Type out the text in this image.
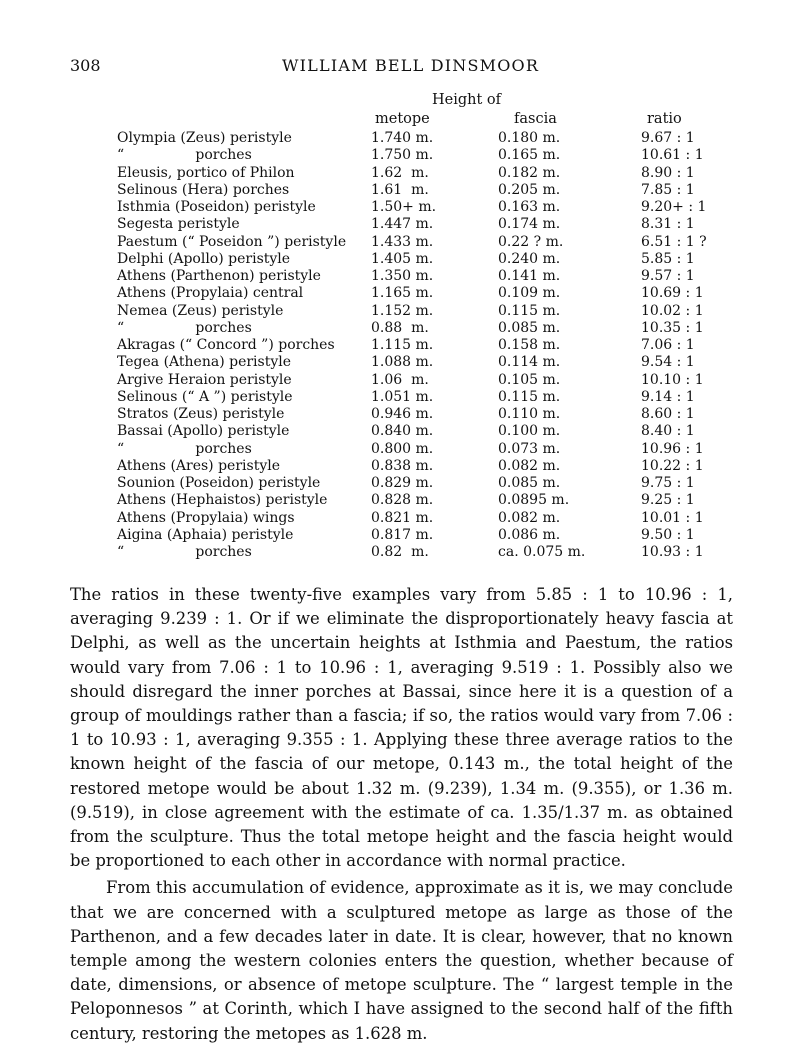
308	WILLIAM BELL DINSMOOR
Height of
metope	fascia	ratio
Olympia (Zeus) peristyle	1.740 m.	0.180 m.	9.67 : 1
“                porches	1.750 m.	0.165 m.	10.61 : 1
Eleusis, portico of Philon	1.62  m.	0.182 m.	8.90 : 1
Selinous (Hera) porches	1.61  m.	0.205 m.	7.85 : 1
Isthmia (Poseidon) peristyle	1.50+ m.	0.163 m.	9.20+ : 1
Segesta peristyle	1.447 m.	0.174 m.	8.31 : 1
Paestum (“ Poseidon ”) peristyle 1.433 m.	0.22 ? m.	6.51 : 1 ?
Delphi (Apollo) peristyle	1.405 m.	0.240 m.	5.85 : 1
Athens (Parthenon) peristyle	1.350 m.	0.141 m.	9.57 : 1
Athens (Propylaia) central	1.165 m.	0.109 m.	10.69 : 1
Nemea (Zeus) peristyle	1.152 m.	0.115 m.	10.02 : 1
“                porches	0.88  m.	0.085 m.	10.35 : 1
Akragas (“ Concord ”) porches	1.115 m.	0.158 m.	7.06 : 1
Tegea (Athena) peristyle	1.088 m.	0.114 m.	9.54 : 1
Argive Heraion peristyle	1.06  m.	0.105 m.	10.10 : 1
Selinous (“ A ”) peristyle	1.051 m.	0.115 m.	9.14 : 1
Stratos (Zeus) peristyle	0.946 m.	0.110 m.	8.60 : 1
Bassai (Apollo) peristyle	0.840 m.	0.100 m.	8.40 : 1
“                porches	0.800 m.	0.073 m.	10.96 : 1
Athens (Ares) peristyle	0.838 m.	0.082 m.	10.22 : 1
Sounion (Poseidon) peristyle	0.829 m.	0.085 m.	9.75 : 1
Athens (Hephaistos) peristyle	0.828 m.	0.0895 m.	9.25 : 1
Athens (Propylaia) wings	0.821 m.	0.082 m.	10.01 : 1
Aigina (Aphaia) peristyle	0.817 m.	0.086 m.	9.50 : 1
“                porches	0.82  m.	ca. 0.075 m.	10.93 : 1

The ratios in these twenty-five examples vary from 5.85 : 1 to 10.96 : 1, averaging 9.239 : 1. Or if we eliminate the disproportionately heavy fascia at Delphi, as well as the uncertain heights at Isthmia and Paestum, the ratios would vary from 7.06 : 1 to 10.96 : 1, averaging 9.519 : 1. Possibly also we should disregard the inner porches at Bassai, since here it is a question of a group of mouldings rather than a fascia; if so, the ratios would vary from 7.06 : 1 to 10.93 : 1, averaging 9.355 : 1. Applying these three average ratios to the known height of the fascia of our metope, 0.143 m., the total height of the restored metope would be about 1.32 m. (9.239), 1.34 m. (9.355), or 1.36 m. (9.519), in close agreement with the estimate of ca. 1.35/1.37 m. as obtained from the sculpture. Thus the total metope height and the fascia height would be proportioned to each other in accordance with normal practice.

From this accumulation of evidence, approximate as it is, we may conclude that we are concerned with a sculptured metope as large as those of the Parthenon, and a few decades later in date. It is clear, however, that no known temple among the western colonies enters the question, whether because of date, dimensions, or absence of metope sculpture. The “ largest temple in the Peloponnesos ” at Corinth, which I have assigned to the second half of the fifth century, restoring the metopes as 1.628 m.
